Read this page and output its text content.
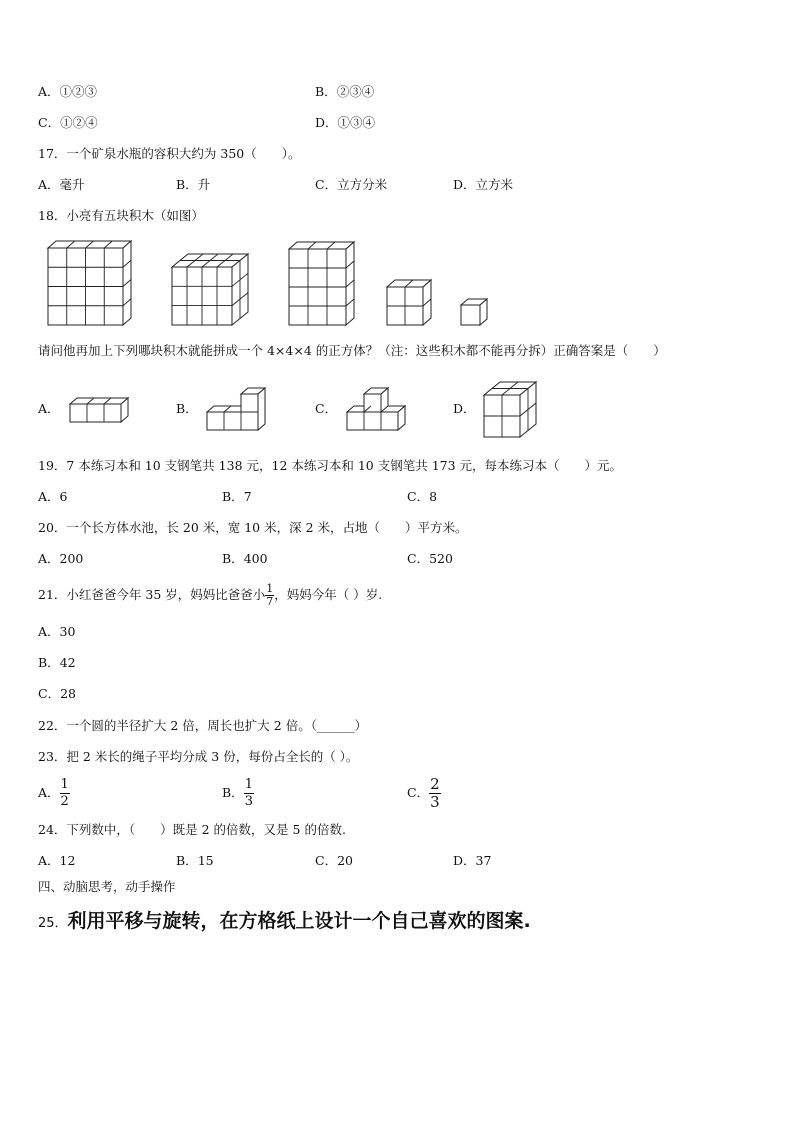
A．①②③	B．②③④
C．①②④	D．①③④
17．一个矿泉水瓶的容积大约为 350（　　）。
A．毫升	B．升	C．立方分米	D．立方米
18．小亮有五块积木（如图）
请问他再加上下列哪块积木就能拼成一个 4×4×4 的正方体？（注：这些积木都不能再分拆）正确答案是（　　）
A．	B．	C．	D．
19．7 本练习本和 10 支钢笔共 138 元，12 本练习本和 10 支钢笔共 173 元，每本练习本（　　）元。
A．6	B．7	C．8
20．一个长方体水池，长 20 米，宽 10 米，深 2 米，占地（　　）平方米。
A．200	B．400	C．520
21．小红爸爸今年 35 岁，妈妈比爸爸小 $\frac{1}{7}$ ，妈妈今年（ ）岁.
A．30
B．42
C．28
22．一个圆的半径扩大 2 倍，周长也扩大 2 倍。（______）
23．把 2 米长的绳子平均分成 3 份，每份占全长的（ ）。
A． $\frac{1}{2}$	B． $\frac{1}{3}$	C． $\frac{2}{3}$
24．下列数中，（　　）既是 2 的倍数，又是 5 的倍数.
A．12	B．15	C．20	D．37
四、动脑思考，动手操作
25．利用平移与旋转，在方格纸上设计一个自己喜欢的图案.
